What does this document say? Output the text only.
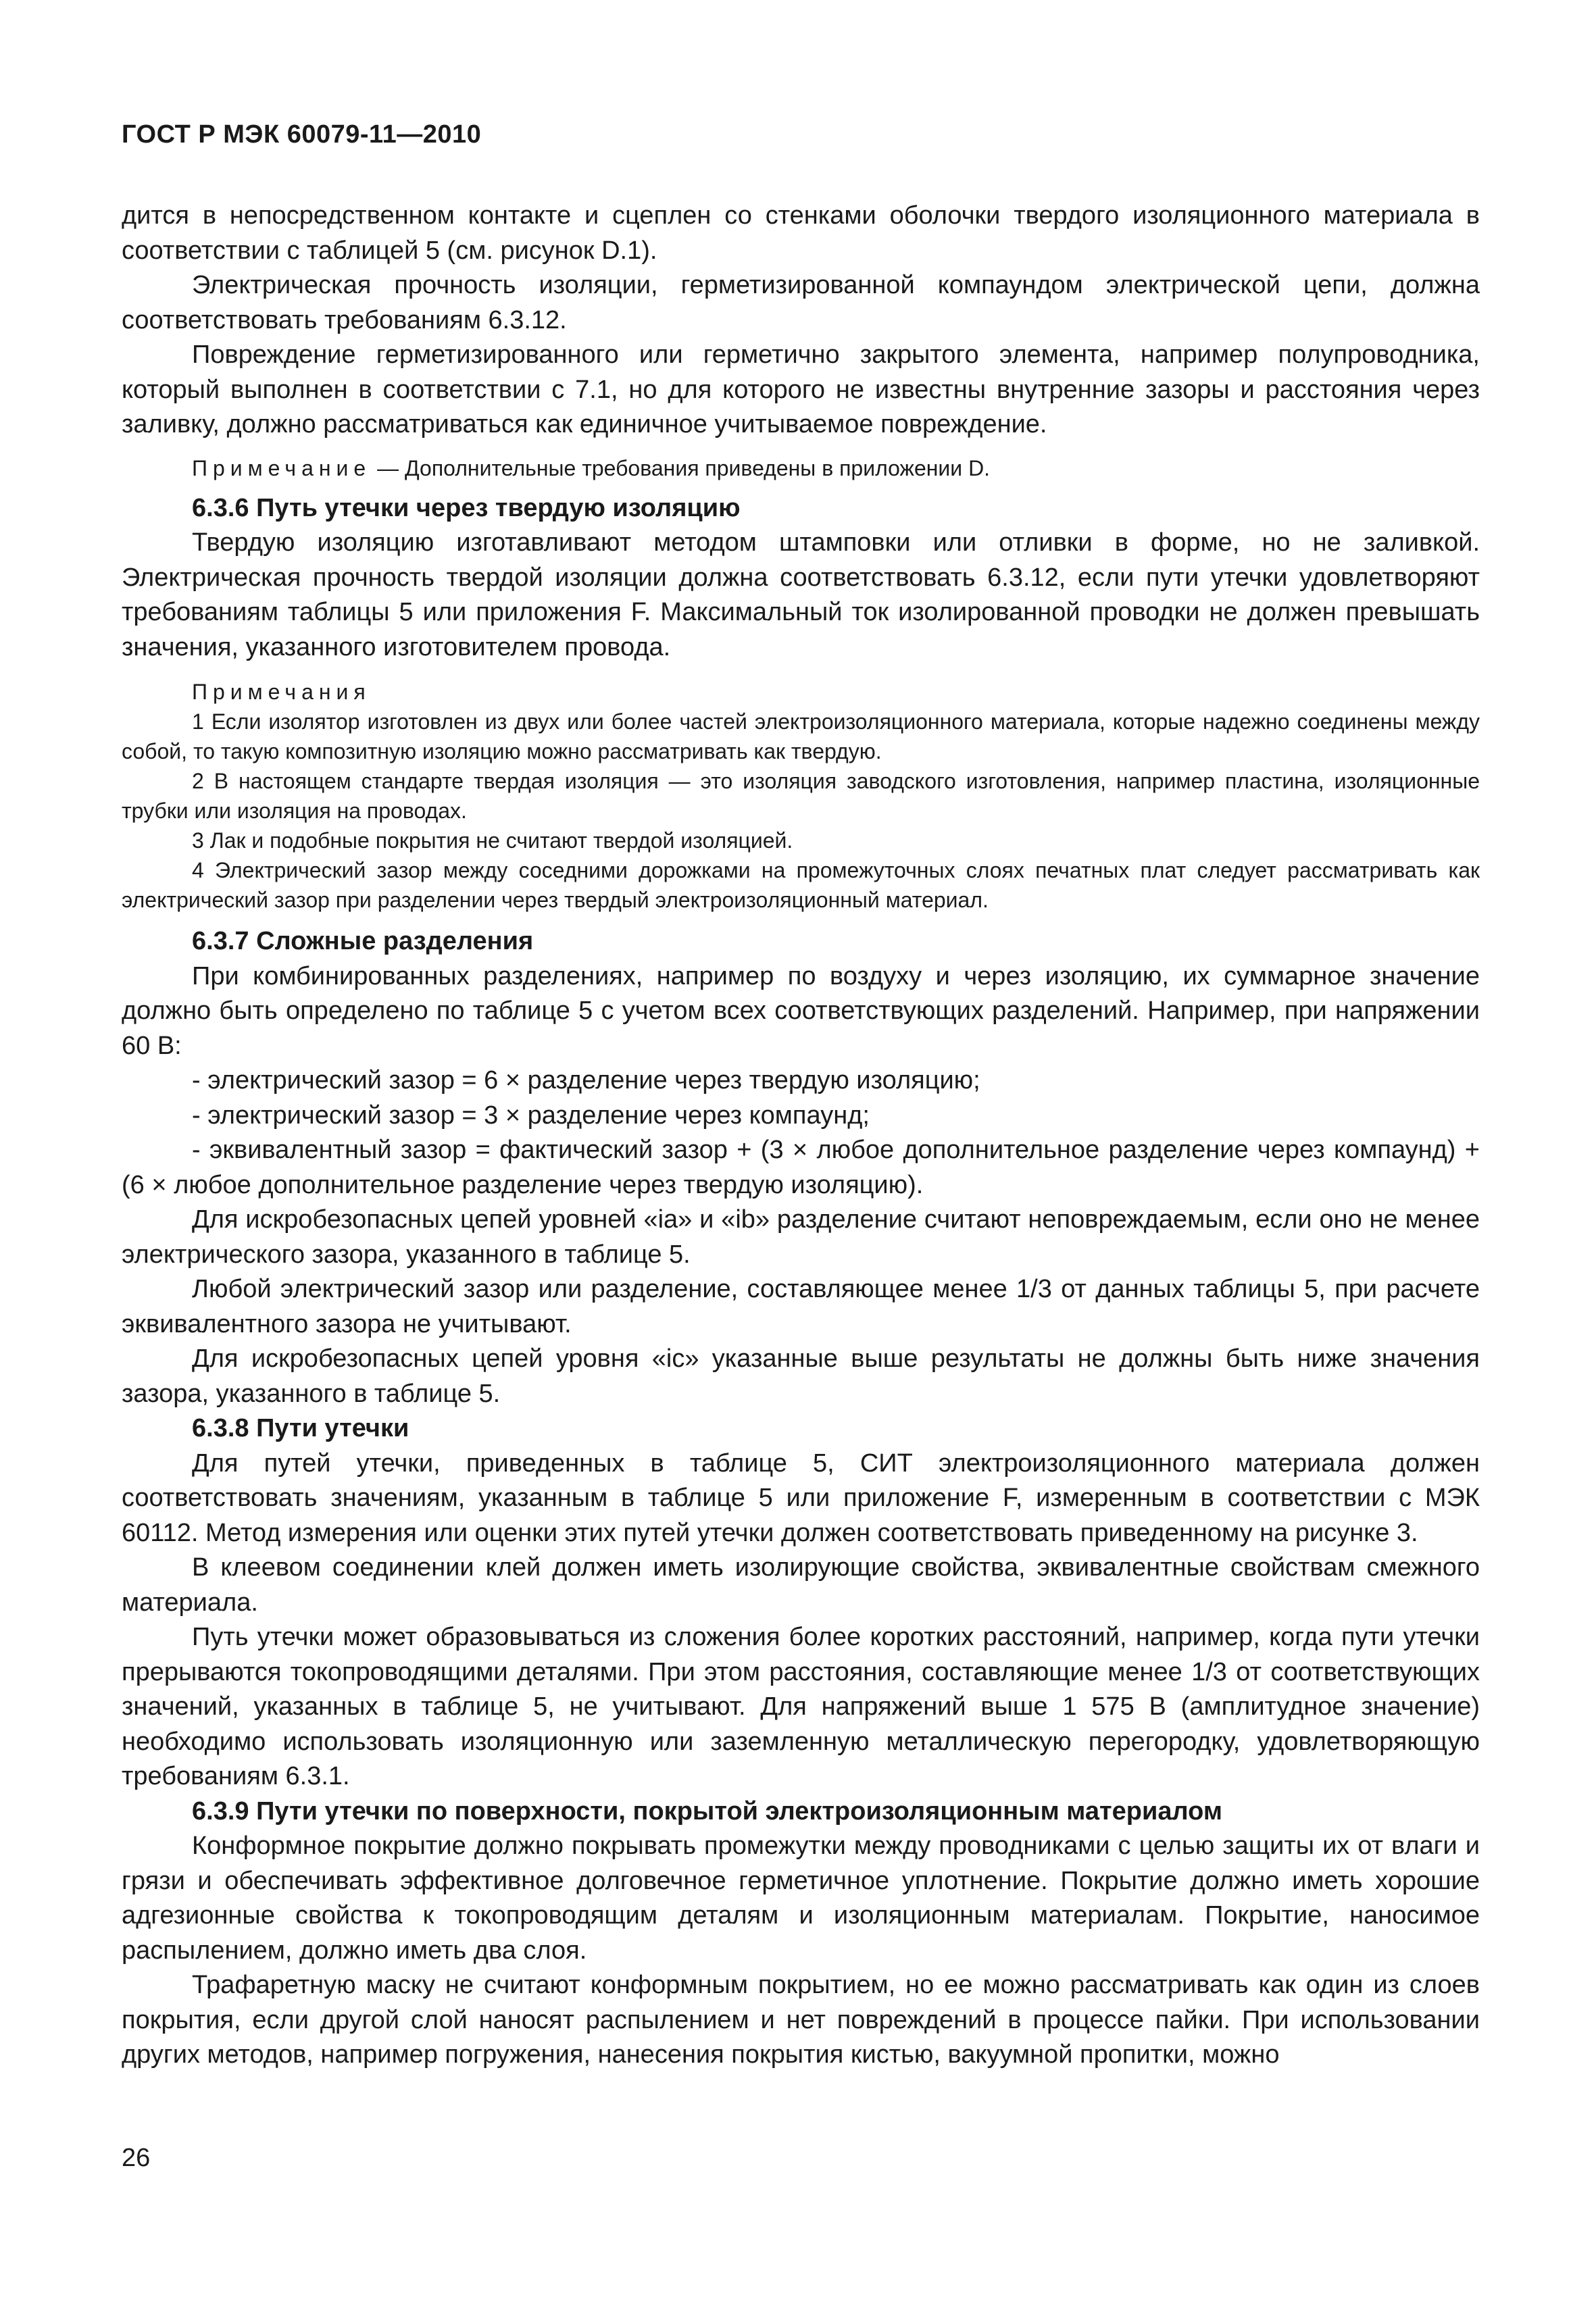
ГОСТ Р МЭК 60079-11—2010

дится в непосредственном контакте и сцеплен со стенками оболочки твердого изоляционного материала в соответствии с таблицей 5 (см. рисунок D.1).

Электрическая прочность изоляции, герметизированной компаундом электрической цепи, должна соответствовать требованиям 6.3.12.

Повреждение герметизированного или герметично закрытого элемента, например полупроводника, который выполнен в соответствии с 7.1, но для которого не известны внутренние зазоры и расстояния через заливку, должно рассматриваться как единичное учитываемое повреждение.

Примечание — Дополнительные требования приведены в приложении D.

6.3.6 Путь утечки через твердую изоляцию

Твердую изоляцию изготавливают методом штамповки или отливки в форме, но не заливкой. Электрическая прочность твердой изоляции должна соответствовать 6.3.12, если пути утечки удовлетворяют требованиям таблицы 5 или приложения F. Максимальный ток изолированной проводки не должен превышать значения, указанного изготовителем провода.

Примечания

1 Если изолятор изготовлен из двух или более частей электроизоляционного материала, которые надежно соединены между собой, то такую композитную изоляцию можно рассматривать как твердую.

2 В настоящем стандарте твердая изоляция — это изоляция заводского изготовления, например пластина, изоляционные трубки или изоляция на проводах.

3 Лак и подобные покрытия не считают твердой изоляцией.

4 Электрический зазор между соседними дорожками на промежуточных слоях печатных плат следует рассматривать как электрический зазор при разделении через твердый электроизоляционный материал.

6.3.7 Сложные разделения

При комбинированных разделениях, например по воздуху и через изоляцию, их суммарное значение должно быть определено по таблице 5 с учетом всех соответствующих разделений. Например, при напряжении 60 В:

- электрический зазор = 6 × разделение через твердую изоляцию;

- электрический зазор = 3 × разделение через компаунд;

- эквивалентный зазор = фактический зазор + (3 × любое дополнительное разделение через компаунд) + (6 × любое дополнительное разделение через твердую изоляцию).

Для искробезопасных цепей уровней «ia» и «ib» разделение считают неповреждаемым, если оно не менее электрического зазора, указанного в таблице 5.

Любой электрический зазор или разделение, составляющее менее 1/3 от данных таблицы 5, при расчете эквивалентного зазора не учитывают.

Для искробезопасных цепей уровня «ic» указанные выше результаты не должны быть ниже значения зазора, указанного в таблице 5.

6.3.8 Пути утечки

Для путей утечки, приведенных в таблице 5, СИТ электроизоляционного материала должен соответствовать значениям, указанным в таблице 5 или приложение F, измеренным в соответствии с МЭК 60112. Метод измерения или оценки этих путей утечки должен соответствовать приведенному на рисунке 3.

В клеевом соединении клей должен иметь изолирующие свойства, эквивалентные свойствам смежного материала.

Путь утечки может образовываться из сложения более коротких расстояний, например, когда пути утечки прерываются токопроводящими деталями. При этом расстояния, составляющие менее 1/3 от соответствующих значений, указанных в таблице 5, не учитывают. Для напряжений выше 1 575 В (амплитудное значение) необходимо использовать изоляционную или заземленную металлическую перегородку, удовлетворяющую требованиям 6.3.1.

6.3.9 Пути утечки по поверхности, покрытой электроизоляционным материалом

Конформное покрытие должно покрывать промежутки между проводниками с целью защиты их от влаги и грязи и обеспечивать эффективное долговечное герметичное уплотнение. Покрытие должно иметь хорошие адгезионные свойства к токопроводящим деталям и изоляционным материалам. Покрытие, наносимое распылением, должно иметь два слоя.

Трафаретную маску не считают конформным покрытием, но ее можно рассматривать как один из слоев покрытия, если другой слой наносят распылением и нет повреждений в процессе пайки. При использовании других методов, например погружения, нанесения покрытия кистью, вакуумной пропитки, можно

26
